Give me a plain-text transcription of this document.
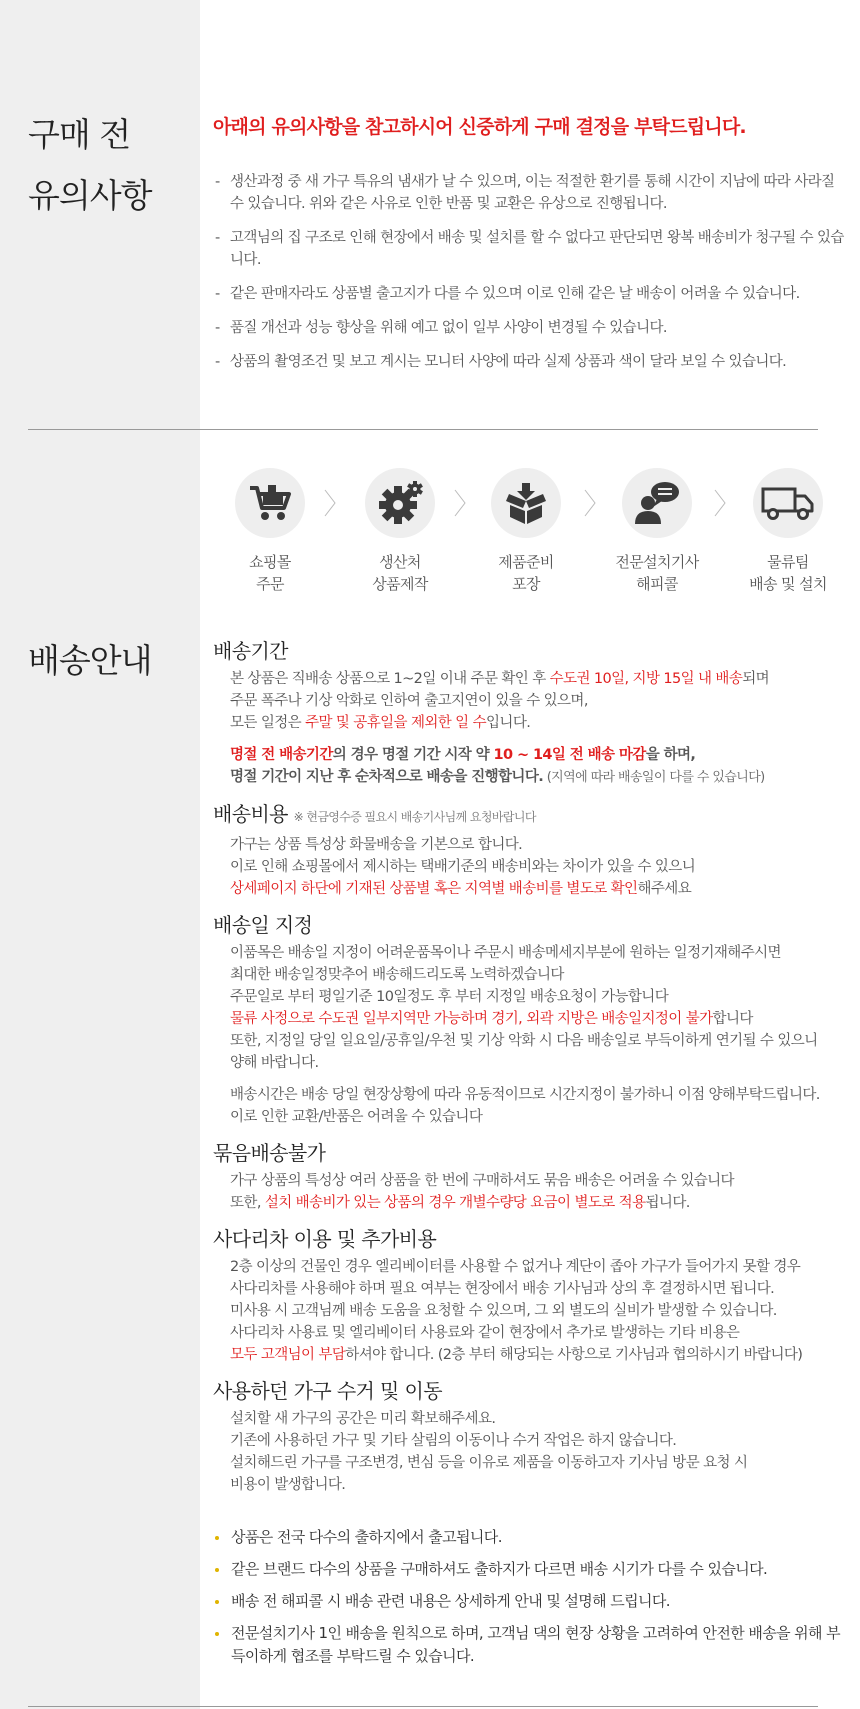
구매 전
유의사항
아래의 유의사항을 참고하시어 신중하게 구매 결정을 부탁드립니다.
- 생산과정 중 새 가구 특유의 냄새가 날 수 있으며, 이는 적절한 환기를 통해 시간이 지남에 따라 사라질 수 있습니다. 위와 같은 사유로 인한 반품 및 교환은 유상으로 진행됩니다.
- 고객님의 집 구조로 인해 현장에서 배송 및 설치를 할 수 없다고 판단되면 왕복 배송비가 청구될 수 있습니다.
- 같은 판매자라도 상품별 출고지가 다를 수 있으며 이로 인해 같은 날 배송이 어려울 수 있습니다.
- 품질 개선과 성능 향상을 위해 예고 없이 일부 사양이 변경될 수 있습니다.
- 상품의 촬영조건 및 보고 계시는 모니터 사양에 따라 실제 상품과 색이 달라 보일 수 있습니다.
쇼핑몰
주문
생산처
상품제작
제품준비
포장
전문설치기사
해피콜
물류팀
배송 및 설치
배송안내	배송기간
본 상품은 직배송 상품으로 1~2일 이내 주문 확인 후 수도권 10일, 지방 15일 내 배송되며
주문 폭주나 기상 악화로 인하여 출고지연이 있을 수 있으며,
모든 일정은 주말 및 공휴일을 제외한 일 수입니다.
명절 전 배송기간의 경우 명절 기간 시작 약 10 ~ 14일 전 배송 마감을 하며,
명절 기간이 지난 후 순차적으로 배송을 진행합니다. (지역에 따라 배송일이 다를 수 있습니다)
배송비용 ※ 현금영수증 필요시 배송기사님께 요청바랍니다
가구는 상품 특성상 화물배송을 기본으로 합니다.
이로 인해 쇼핑몰에서 제시하는 택배기준의 배송비와는 차이가 있을 수 있으니
상세페이지 하단에 기재된 상품별 혹은 지역별 배송비를 별도로 확인해주세요
배송일 지정
이품목은 배송일 지정이 어려운품목이나 주문시 배송메세지부분에 원하는 일정기재해주시면
최대한 배송일정맞추어 배송해드리도록 노력하겠습니다
주문일로 부터 평일기준 10일정도 후 부터 지정일 배송요청이 가능합니다
물류 사정으로 수도권 일부지역만 가능하며 경기, 외곽 지방은 배송일지정이 불가합니다
또한, 지정일 당일 일요일/공휴일/우천 및 기상 악화 시 다음 배송일로 부득이하게 연기될 수 있으니
양해 바랍니다.
배송시간은 배송 당일 현장상황에 따라 유동적이므로 시간지정이 불가하니 이점 양해부탁드립니다.
이로 인한 교환/반품은 어려울 수 있습니다
묶음배송불가
가구 상품의 특성상 여러 상품을 한 번에 구매하셔도 묶음 배송은 어려울 수 있습니다
또한, 설치 배송비가 있는 상품의 경우 개별수량당 요금이 별도로 적용됩니다.
사다리차 이용 및 추가비용
2층 이상의 건물인 경우 엘리베이터를 사용할 수 없거나 계단이 좁아 가구가 들어가지 못할 경우
사다리차를 사용해야 하며 필요 여부는 현장에서 배송 기사님과 상의 후 결정하시면 됩니다.
미사용 시 고객님께 배송 도움을 요청할 수 있으며, 그 외 별도의 실비가 발생할 수 있습니다.
사다리차 사용료 및 엘리베이터 사용료와 같이 현장에서 추가로 발생하는 기타 비용은
모두 고객님이 부담하셔야 합니다. (2층 부터 해당되는 사항으로 기사님과 협의하시기 바랍니다)
사용하던 가구 수거 및 이동
설치할 새 가구의 공간은 미리 확보해주세요.
기존에 사용하던 가구 및 기타 살림의 이동이나 수거 작업은 하지 않습니다.
설치해드린 가구를 구조변경, 변심 등을 이유로 제품을 이동하고자 기사님 방문 요청 시
비용이 발생합니다.
상품은 전국 다수의 출하지에서 출고됩니다.
같은 브랜드 다수의 상품을 구매하셔도 출하지가 다르면 배송 시기가 다를 수 있습니다.
배송 전 해피콜 시 배송 관련 내용은 상세하게 안내 및 설명해 드립니다.
전문설치기사 1인 배송을 원칙으로 하며, 고객님 댁의 현장 상황을 고려하여 안전한 배송을 위해 부득이하게 협조를 부탁드릴 수 있습니다.
